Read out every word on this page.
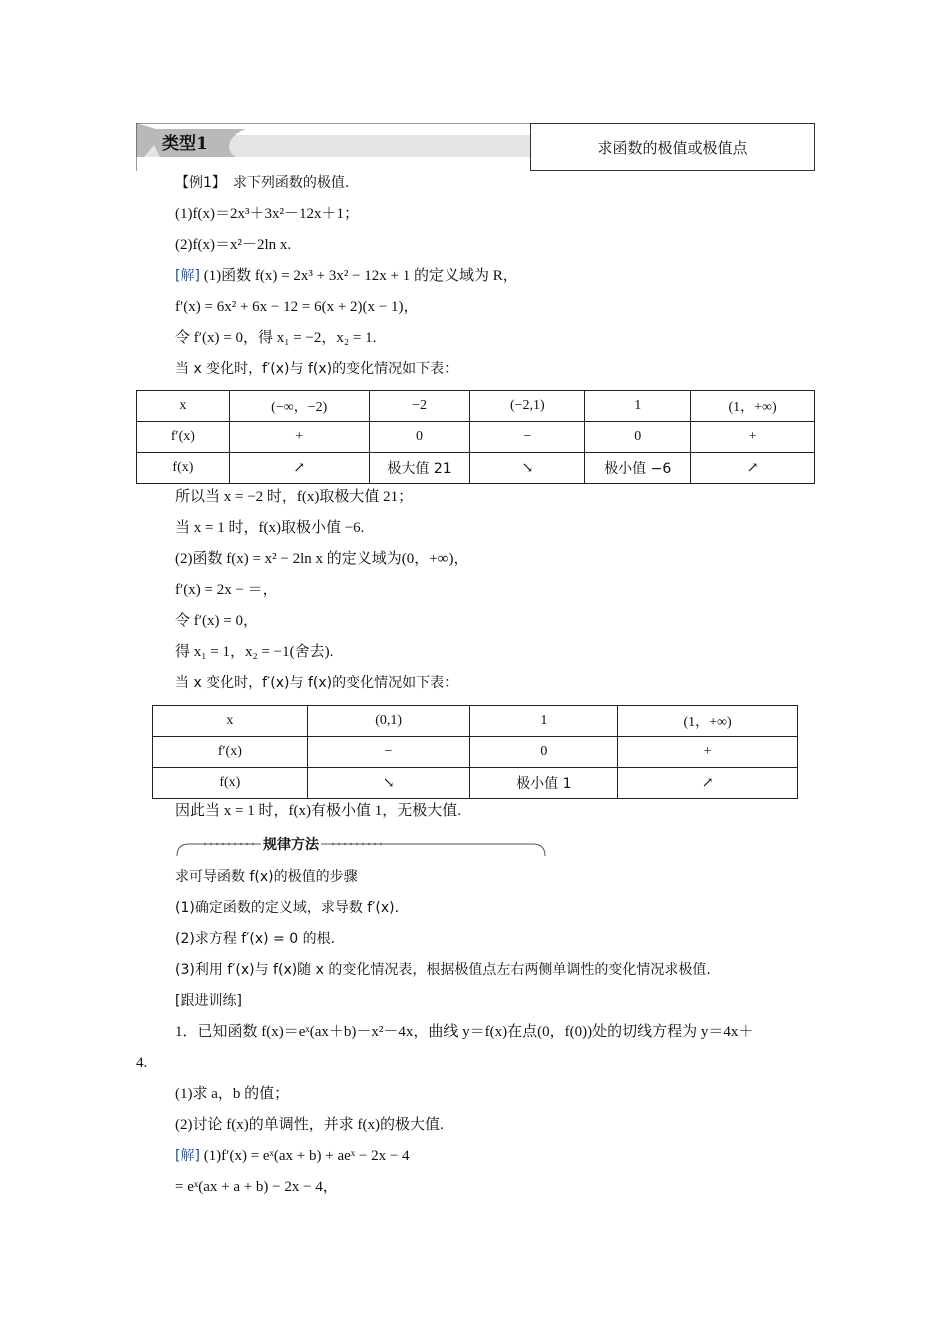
类型1	求函数的极值或极值点
【例1】　求下列函数的极值.
(1)f(x)＝2x³＋3x²－12x＋1；
(2)f(x)＝x²－2ln x.
[解] (1)函数 f(x) = 2x³ + 3x² − 12x + 1 的定义域为 R，
f′(x) = 6x² + 6x − 12 = 6(x + 2)(x − 1)，
令 f′(x) = 0，得 x₁ = −2，x₂ = 1.
当 x 变化时，f′(x)与 f(x)的变化情况如下表：
x	(−∞，−2)	−2	(−2,1)	1	(1，+∞)
f′(x)	+	0	−	0	+
f(x)	↗	极大值 21	↘	极小值 −6	↗
所以当 x = −2 时，f(x)取极大值 21；
当 x = 1 时，f(x)取极小值 −6.
(2)函数 f(x) = x² − 2ln x 的定义域为(0，+∞)，
f′(x) = 2x − ＝，
令 f′(x) = 0，
得 x₁ = 1，x₂ = −1(舍去).
当 x 变化时，f′(x)与 f(x)的变化情况如下表：
x	(0,1)	1	(1，+∞)
f′(x)	−	0	+
f(x)	↘	极小值 1	↗
因此当 x = 1 时，f(x)有极小值 1，无极大值.
规律方法
求可导函数 f(x)的极值的步骤
(1)确定函数的定义域，求导数 f′(x).
(2)求方程 f′(x) = 0 的根.
(3)利用 f′(x)与 f(x)随 x 的变化情况表，根据极值点左右两侧单调性的变化情况求极值.
[跟进训练]
1．已知函数 f(x)＝eˣ(ax＋b)－x²－4x，曲线 y＝f(x)在点(0，f(0))处的切线方程为 y＝4x＋
4.
(1)求 a，b 的值；
(2)讨论 f(x)的单调性，并求 f(x)的极大值.
[解] (1)f′(x) = eˣ(ax + b) + aeˣ − 2x − 4
= eˣ(ax + a + b) − 2x − 4，
